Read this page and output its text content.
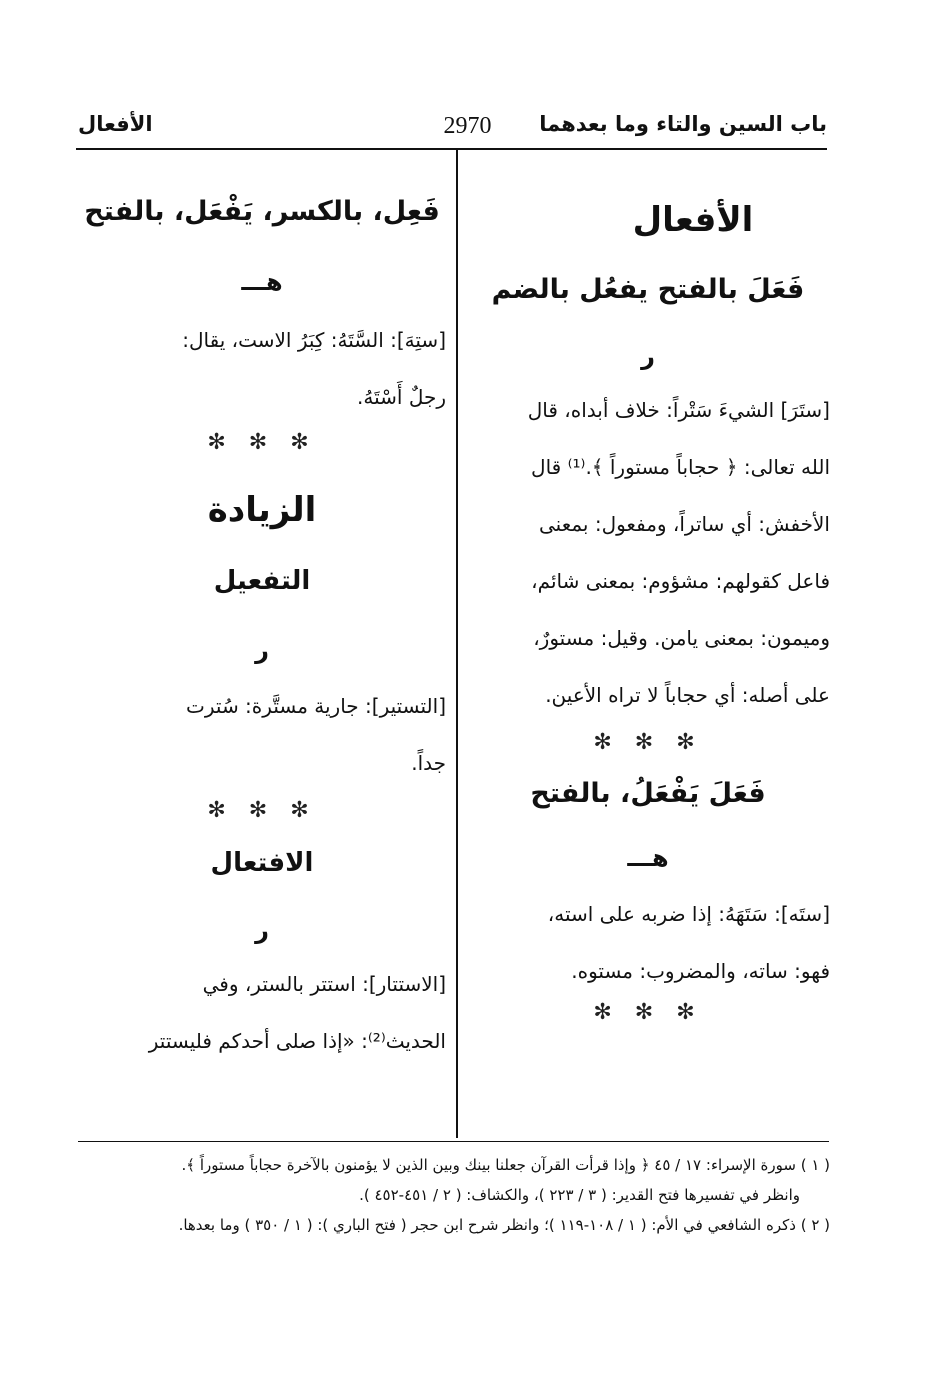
باب السين والتاء وما بعدهما
2970
الأفعال
الأفعال
فَعَلَ بالفتح يفعُل بالضم
ر

[ستَرَ] الشيءَ سَتْراً: خلاف أبداه، قال

الله تعالى: ﴿ حجاباً مستوراً ﴾.⁽¹⁾ قال

الأخفش: أي ساتراً، ومفعول: بمعنى

فاعل كقولهم: مشؤوم: بمعنى شائم،

وميمون: بمعنى يامن. وقيل: مستورٌ،

على أصله: أي حجاباً لا تراه الأعين.

✻ ✻ ✻
فَعَلَ يَفْعَلُ، بالفتح
هـــ

[ستَه]: سَتَهَهُ: إذا ضربه على استه،

فهو: ساته، والمضروب: مستوه.

✻ ✻ ✻
فَعِل، بالكسر، يَفْعَل، بالفتح
هـــ

[ستِهَ]: السَّتَهُ: كِبَرُ الاست، يقال:

رجلٌ أَسْتَهُ.

✻ ✻ ✻
الزيادة
التفعيل
ر

[التستير]: جارية مستَّرة: سُترت

جداً.

✻ ✻ ✻
الافتعال
ر

[الاستتار]: استتر بالستر، وفي

الحديث⁽²⁾: «إذا صلى أحدكم فليستتر

( ١ ) سورة الإسراء: ١٧ / ٤٥ ﴿ وإذا قرأت القرآن جعلنا بينك وبين الذين لا يؤمنون بالآخرة حجاباً مستوراً ﴾.

وانظر في تفسيرها فتح القدير: ( ٣ / ٢٢٣ )، والكشاف: ( ٢ / ٤٥١-٤٥٢ ).

( ٢ ) ذكره الشافعي في الأم: ( ١ / ١٠٨-١١٩ )؛ وانظر شرح ابن حجر ( فتح الباري ): ( ١ / ٣٥٠ ) وما بعدها.
